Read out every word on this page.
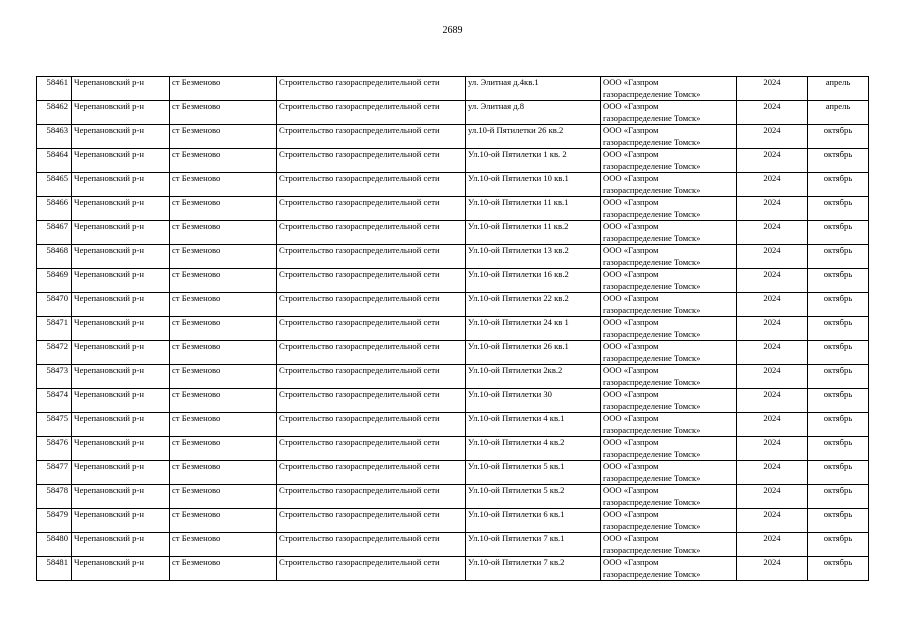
2689
58461	Черепановский р-н	ст Безменово	Строительство газораспределительной сети	ул. Элитная д.4кв.1	ООО «Газпром
газораспределение Томск»	2024	апрель
58462	Черепановский р-н	ст Безменово	Строительство газораспределительной сети	ул. Элитная д.8	ООО «Газпром
газораспределение Томск»	2024	апрель
58463	Черепановский р-н	ст Безменово	Строительство газораспределительной сети	ул.10-й Пятилетки 26 кв.2	ООО «Газпром
газораспределение Томск»	2024	октябрь
58464	Черепановский р-н	ст Безменово	Строительство газораспределительной сети	Ул.10-ой Пятилетки 1 кв. 2	ООО «Газпром
газораспределение Томск»	2024	октябрь
58465	Черепановский р-н	ст Безменово	Строительство газораспределительной сети	Ул.10-ой Пятилетки 10 кв.1	ООО «Газпром
газораспределение Томск»	2024	октябрь
58466	Черепановский р-н	ст Безменово	Строительство газораспределительной сети	Ул.10-ой Пятилетки 11 кв.1	ООО «Газпром
газораспределение Томск»	2024	октябрь
58467	Черепановский р-н	ст Безменово	Строительство газораспределительной сети	Ул.10-ой Пятилетки 11 кв.2	ООО «Газпром
газораспределение Томск»	2024	октябрь
58468	Черепановский р-н	ст Безменово	Строительство газораспределительной сети	Ул.10-ой Пятилетки 13 кв.2	ООО «Газпром
газораспределение Томск»	2024	октябрь
58469	Черепановский р-н	ст Безменово	Строительство газораспределительной сети	Ул.10-ой Пятилетки 16 кв.2	ООО «Газпром
газораспределение Томск»	2024	октябрь
58470	Черепановский р-н	ст Безменово	Строительство газораспределительной сети	Ул.10-ой Пятилетки 22 кв.2	ООО «Газпром
газораспределение Томск»	2024	октябрь
58471	Черепановский р-н	ст Безменово	Строительство газораспределительной сети	Ул.10-ой Пятилетки 24 кв 1	ООО «Газпром
газораспределение Томск»	2024	октябрь
58472	Черепановский р-н	ст Безменово	Строительство газораспределительной сети	Ул.10-ой Пятилетки 26 кв.1	ООО «Газпром
газораспределение Томск»	2024	октябрь
58473	Черепановский р-н	ст Безменово	Строительство газораспределительной сети	Ул.10-ой Пятилетки 2кв.2	ООО «Газпром
газораспределение Томск»	2024	октябрь
58474	Черепановский р-н	ст Безменово	Строительство газораспределительной сети	Ул.10-ой Пятилетки 30	ООО «Газпром
газораспределение Томск»	2024	октябрь
58475	Черепановский р-н	ст Безменово	Строительство газораспределительной сети	Ул.10-ой Пятилетки 4 кв.1	ООО «Газпром
газораспределение Томск»	2024	октябрь
58476	Черепановский р-н	ст Безменово	Строительство газораспределительной сети	Ул.10-ой Пятилетки 4 кв.2	ООО «Газпром
газораспределение Томск»	2024	октябрь
58477	Черепановский р-н	ст Безменово	Строительство газораспределительной сети	Ул.10-ой Пятилетки 5 кв.1	ООО «Газпром
газораспределение Томск»	2024	октябрь
58478	Черепановский р-н	ст Безменово	Строительство газораспределительной сети	Ул.10-ой Пятилетки 5 кв.2	ООО «Газпром
газораспределение Томск»	2024	октябрь
58479	Черепановский р-н	ст Безменово	Строительство газораспределительной сети	Ул.10-ой Пятилетки 6 кв.1	ООО «Газпром
газораспределение Томск»	2024	октябрь
58480	Черепановский р-н	ст Безменово	Строительство газораспределительной сети	Ул.10-ой Пятилетки 7 кв.1	ООО «Газпром
газораспределение Томск»	2024	октябрь
58481	Черепановский р-н	ст Безменово	Строительство газораспределительной сети	Ул.10-ой Пятилетки 7 кв.2	ООО «Газпром
газораспределение Томск»	2024	октябрь
